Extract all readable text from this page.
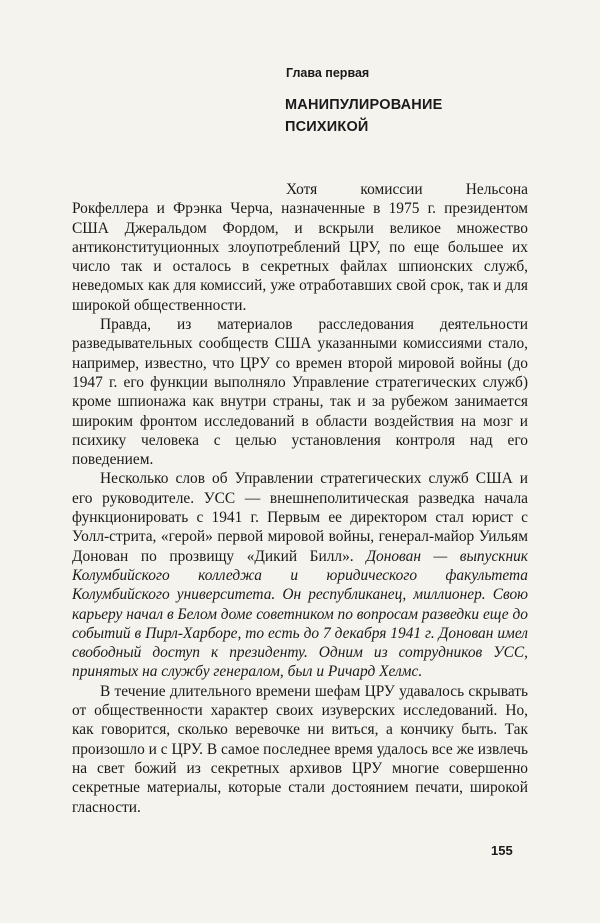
Глава первая
МАНИПУЛИРОВАНИЕ
ПСИХИКОЙ

Хотя комиссии Нельсона Рокфеллера и Фрэнка Черча, назначенные в 1975 г. президентом США Джеральдом Фордом, и вскрыли великое множество антиконституционных злоупотреблений ЦРУ, по еще большее их число так и осталось в секретных файлах шпионских служб, неведомых как для комиссий, уже отработавших свой срок, так и для широкой общественности.

Правда, из материалов расследования деятельности разведывательных сообществ США указанными комиссиями стало, например, известно, что ЦРУ со времен второй мировой войны (до 1947 г. его функции выполняло Управление стратегических служб) кроме шпионажа как внутри страны, так и за рубежом занимается широким фронтом исследований в области воздействия на мозг и психику человека с целью установления контроля над его поведением.

Несколько слов об Управлении стратегических служб США и его руководителе. УСС — внешнеполитическая разведка начала функционировать с 1941 г. Первым ее директором стал юрист с Уолл-стрита, «герой» первой мировой войны, генерал-майор Уильям Донован по прозвищу «Дикий Билл». Донован — выпускник Колумбийского колледжа и юридического факультета Колумбийского университета. Он республиканец, миллионер. Свою карьеру начал в Белом доме советником по вопросам разведки еще до событий в Пирл-Харборе, то есть до 7 декабря 1941 г. Донован имел свободный доступ к президенту. Одним из сотрудников УСС, принятых на службу генералом, был и Ричард Хелмс.

В течение длительного времени шефам ЦРУ удавалось скрывать от общественности характер своих изуверских исследований. Но, как говорится, сколько веревочке ни виться, а кончику быть. Так произошло и с ЦРУ. В самое последнее время удалось все же извлечь на свет божий из секретных архивов ЦРУ многие совершенно секретные материалы, которые стали достоянием печати, широкой гласности.

155
